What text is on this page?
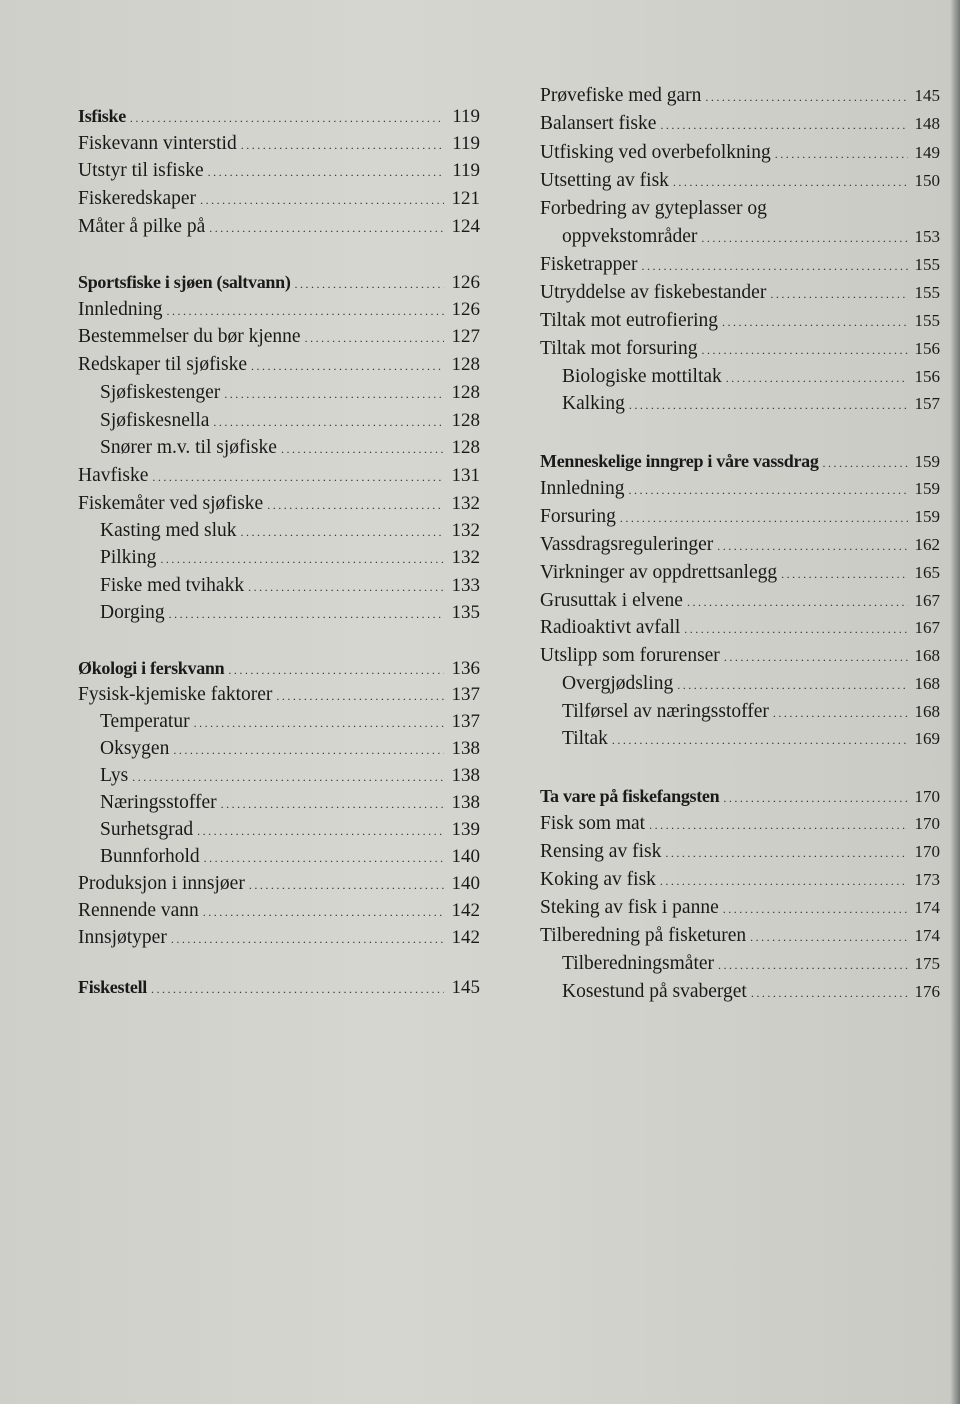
Isfiske .....	119
Fiskevann vinterstid .....	119
Utstyr til isfiske .....	119
Fiskeredskaper .....	121
Måter å pilke på .....	124
Sportsfiske i sjøen (saltvann) .....	126
Innledning .....	126
Bestemmelser du bør kjenne .....	127
Redskaper til sjøfiske .....	128
Sjøfiskestenger .....	128
Sjøfiskesnella .....	128
Snører m.v. til sjøfiske .....	128
Havfiske .....	131
Fiskemåter ved sjøfiske .....	132
Kasting med sluk .....	132
Pilking .....	132
Fiske med tvihakk .....	133
Dorging .....	135
Økologi i ferskvann .....	136
Fysisk-kjemiske faktorer .....	137
Temperatur .....	137
Oksygen .....	138
Lys .....	138
Næringsstoffer .....	138
Surhetsgrad .....	139
Bunnforhold .....	140
Produksjon i innsjøer .....	140
Rennende vann .....	142
Innsjøtyper .....	142
Fiskestell .....	145
Prøvefiske med garn .....	145
Balansert fiske .....	148
Utfisking ved overbefolkning .....	149
Utsetting av fisk .....	150
Forbedring av gyteplasser og
oppvekstområder .....	153
Fisketrapper .....	155
Utryddelse av fiskebestander .....	155
Tiltak mot eutrofiering .....	155
Tiltak mot forsuring .....	156
Biologiske mottiltak .....	156
Kalking .....	157
Menneskelige inngrep i våre vassdrag .....	159
Innledning .....	159
Forsuring .....	159
Vassdragsreguleringer .....	162
Virkninger av oppdrettsanlegg .....	165
Grusuttak i elvene .....	167
Radioaktivt avfall .....	167
Utslipp som forurenser .....	168
Overgjødsling .....	168
Tilførsel av næringsstoffer .....	168
Tiltak .....	169
Ta vare på fiskefangsten .....	170
Fisk som mat .....	170
Rensing av fisk .....	170
Koking av fisk .....	173
Steking av fisk i panne .....	174
Tilberedning på fisketuren .....	174
Tilberedningsmåter .....	175
Kosestund på svaberget .....	176
